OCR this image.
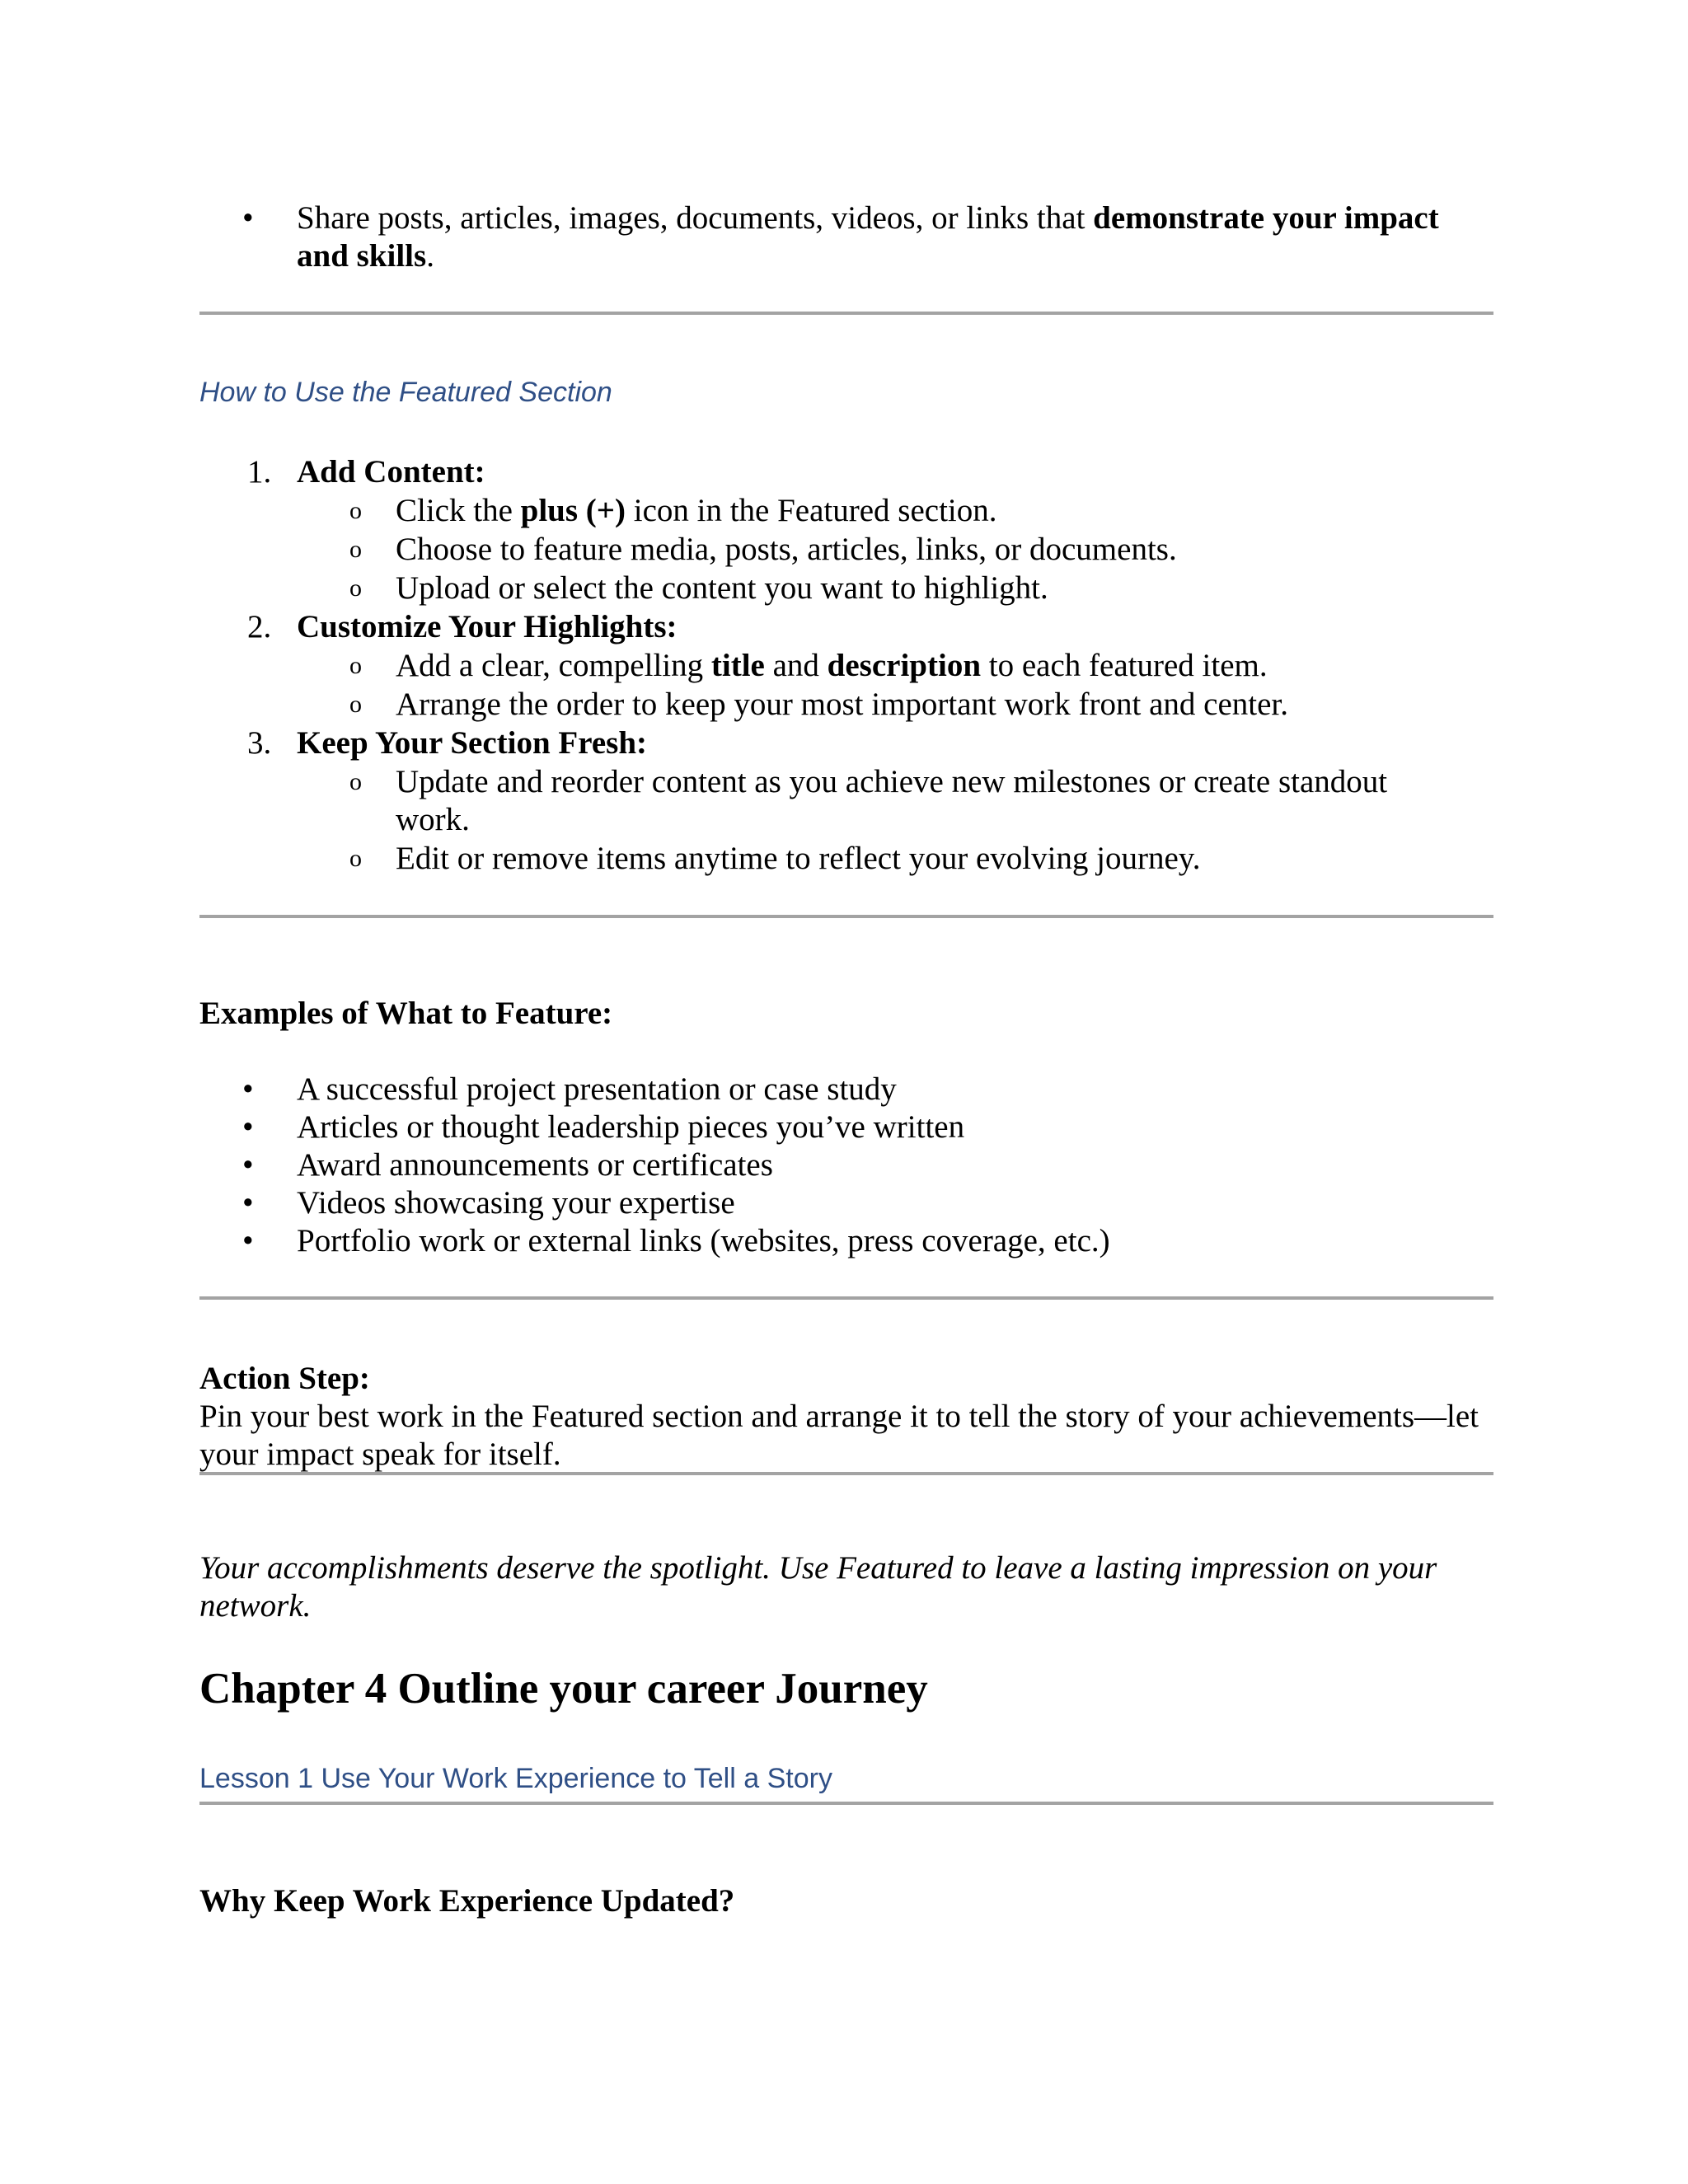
• Share posts, articles, images, documents, videos, or links that demonstrate your impact and skills.
How to Use the Featured Section
1. Add Content:
o Click the plus (+) icon in the Featured section.
o Choose to feature media, posts, articles, links, or documents.
o Upload or select the content you want to highlight.
2. Customize Your Highlights:
o Add a clear, compelling title and description to each featured item.
o Arrange the order to keep your most important work front and center.
3. Keep Your Section Fresh:
o Update and reorder content as you achieve new milestones or create standout work.
o Edit or remove items anytime to reflect your evolving journey.
Examples of What to Feature:
• A successful project presentation or case study
• Articles or thought leadership pieces you’ve written
• Award announcements or certificates
• Videos showcasing your expertise
• Portfolio work or external links (websites, press coverage, etc.)
Action Step:
Pin your best work in the Featured section and arrange it to tell the story of your achievements—let your impact speak for itself.
Your accomplishments deserve the spotlight. Use Featured to leave a lasting impression on your network.
Chapter 4 Outline your career Journey
Lesson 1 Use Your Work Experience to Tell a Story
Why Keep Work Experience Updated?
